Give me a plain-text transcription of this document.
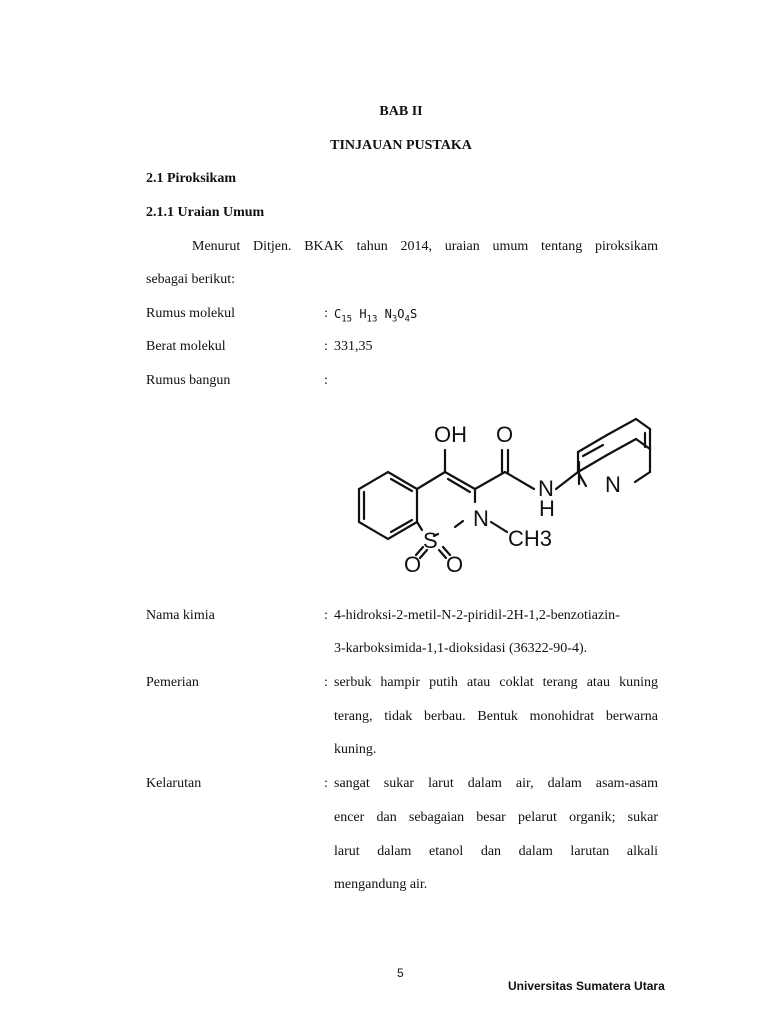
BAB II
TINJAUAN PUSTAKA
2.1 Piroksikam
2.1.1 Uraian Umum
Menurut Ditjen. BKAK tahun 2014, uraian umum tentang piroksikam
sebagai berikut:
Rumus molekul	: $C_{15}$ $H_{13}$ $N_3O_4S$
Berat molekul	: 331,35
Rumus bangun	:
OH O
N
H
N
N
CH3
S
O O
Nama kimia	: 4-hidroksi-2-metil-N-2-piridil-2H-1,2-benzotiazin-
3-karboksimida-1,1-dioksidasi (36322-90-4).
Pemerian	: serbuk hampir putih atau coklat terang atau kuning
terang, tidak berbau. Bentuk monohidrat berwarna
kuning.
Kelarutan	: sangat sukar larut dalam air, dalam asam-asam
encer dan sebagaian besar pelarut organik; sukar
larut dalam etanol dan dalam larutan alkali
mengandung air.
5
Universitas Sumatera Utara
